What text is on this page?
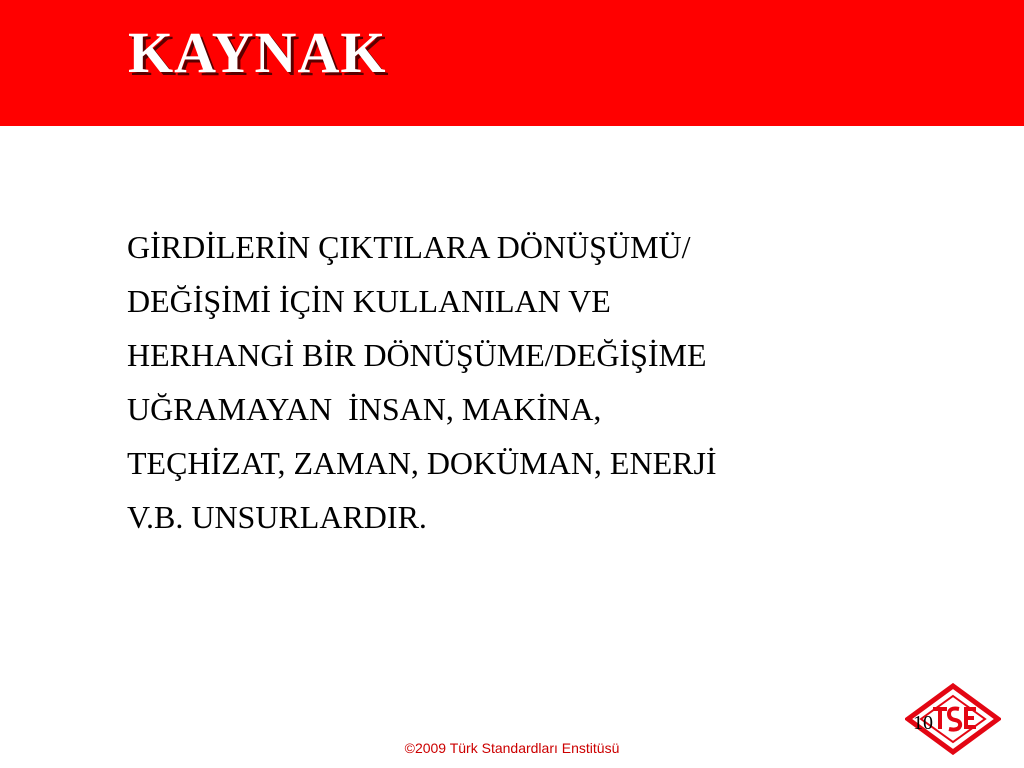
KAYNAK
GİRDİLERİN ÇIKTILARA DÖNÜŞÜMÜ/
DEĞİŞİMİ İÇİN KULLANILAN VE
HERHANGİ BİR DÖNÜŞÜME/DEĞİŞİME
UĞRAMAYAN  İNSAN, MAKİNA,
TEÇHİZAT, ZAMAN, DOKÜMAN, ENERJİ
V.B. UNSURLARDIR.
10
©2009 Türk Standardları Enstitüsü
